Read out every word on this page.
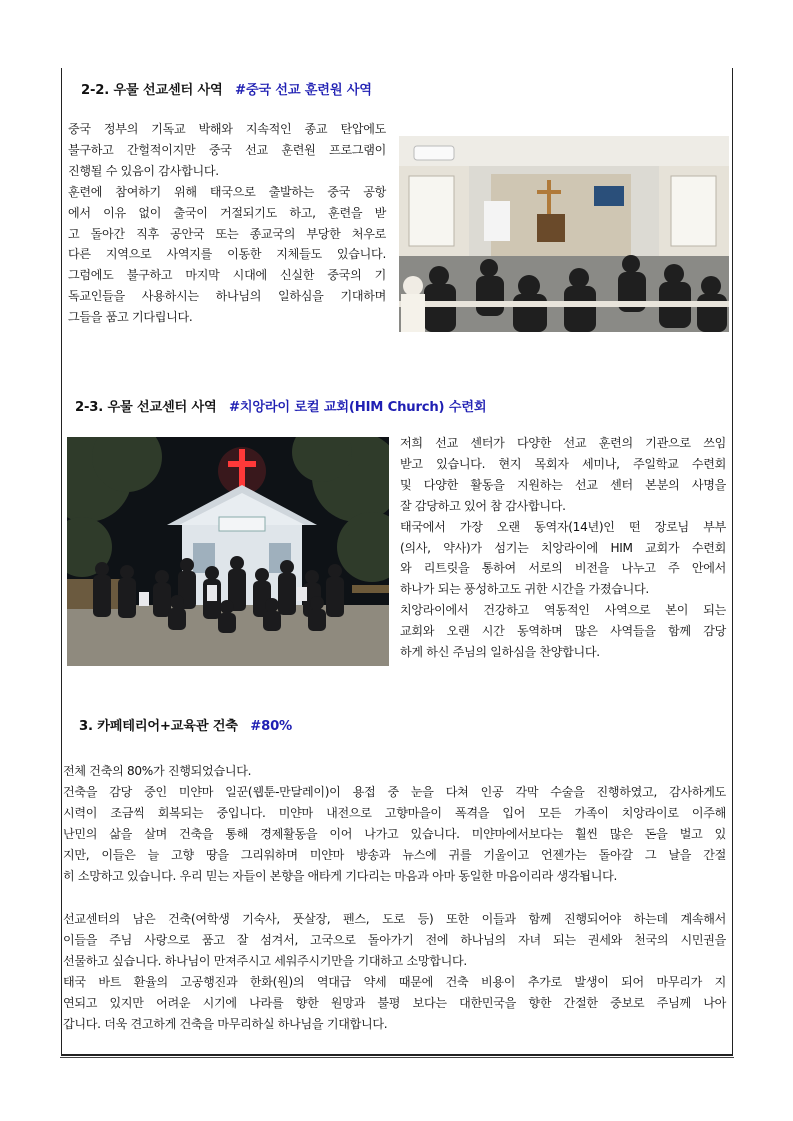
2-2. 우물 선교센터 사역 #중국 선교 훈련원 사역
중국 정부의 기독교 박해와 지속적인 종교 탄압에도
불구하고 간헐적이지만 중국 선교 훈련원 프로그램이
진행될 수 있음이 감사합니다.
훈련에 참여하기 위해 태국으로 출발하는 중국 공항
에서 이유 없이 출국이 거절되기도 하고, 훈련을 받
고 돌아간 직후 공안국 또는 종교국의 부당한 처우로
다른 지역으로 사역지를 이동한 지체들도 있습니다.
그럼에도 불구하고 마지막 시대에 신실한 중국의 기
독교인들을 사용하시는 하나님의 일하심을 기대하며
그들을 품고 기다립니다.
2-3. 우물 선교센터 사역 #치앙라이 로컬 교회(HIM Church) 수련회
저희 선교 센터가 다양한 선교 훈련의 기관으로 쓰임
받고 있습니다. 현지 목회자 세미나, 주일학교 수련회
및 다양한 활동을 지원하는 선교 센터 본분의 사명을
잘 감당하고 있어 참 감사합니다.
태국에서 가장 오랜 동역자(14년)인 떤 장로님 부부
(의사, 약사)가 섬기는 치앙라이에 HIM 교회가 수련회
와 리트릿을 통하여 서로의 비전을 나누고 주 안에서
하나가 되는 풍성하고도 귀한 시간을 가졌습니다.
치앙라이에서 건강하고 역동적인 사역으로 본이 되는
교회와 오랜 시간 동역하며 많은 사역들을 함께 감당
하게 하신 주님의 일하심을 찬양합니다.
3. 카페테리어+교육관 건축 #80%
전체 건축의 80%가 진행되었습니다.
건축을 감당 중인 미얀마 일꾼(웹툰-만달레이)이 용접 중 눈을 다쳐 인공 각막 수술을 진행하였고, 감사하게도
시력이 조금씩 회복되는 중입니다. 미얀마 내전으로 고향마을이 폭격을 입어 모든 가족이 치앙라이로 이주해
난민의 삶을 살며 건축을 통해 경제활동을 이어 나가고 있습니다. 미얀마에서보다는 훨씬 많은 돈을 벌고 있
지만, 이들은 늘 고향 땅을 그리워하며 미얀마 방송과 뉴스에 귀를 기울이고 언젠가는 돌아갈 그 날을 간절
히 소망하고 있습니다. 우리 믿는 자들이 본향을 애타게 기다리는 마음과 아마 동일한 마음이리라 생각됩니다.
선교센터의 남은 건축(여학생 기숙사, 풋살장, 펜스, 도로 등) 또한 이들과 함께 진행되어야 하는데 계속해서
이들을 주님 사랑으로 품고 잘 섬겨서, 고국으로 돌아가기 전에 하나님의 자녀 되는 권세와 천국의 시민권을
선물하고 싶습니다. 하나님이 만져주시고 세워주시기만을 기대하고 소망합니다.
태국 바트 환율의 고공행진과 한화(원)의 역대급 약세 때문에 건축 비용이 추가로 발생이 되어 마무리가 지
연되고 있지만 어려운 시기에 나라를 향한 원망과 불평 보다는 대한민국을 향한 간절한 중보로 주님께 나아
갑니다. 더욱 견고하게 건축을 마무리하실 하나님을 기대합니다.
